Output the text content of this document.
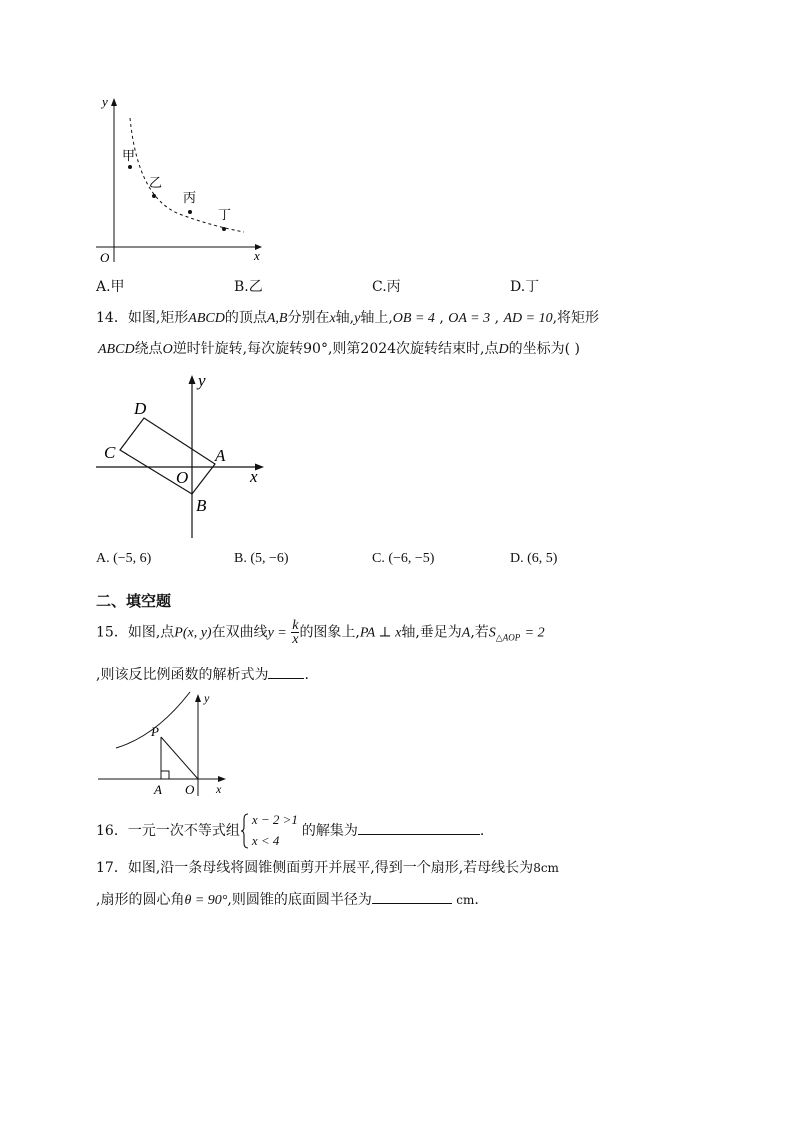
y
x
O
甲
乙
丙
丁
A.甲	B.乙	C.丙	D.丁
14．如图,矩形ABCD的顶点A,B分别在x轴,y轴上,OB = 4 , OA = 3 , AD = 10,将矩形
ABCD绕点O逆时针旋转,每次旋转90°,则第2024次旋转结束时,点D的坐标为( )
y
x
O
A
B
C
D
A. (−5, 6)	B. (5, −6)	C. (−6, −5)	D. (6, 5)
二、填空题
15．如图,点P(x, y)在双曲线$y = \frac{k}{x}$ 的图象上,PA ⊥ x轴,垂足为A,若$S_{\triangle AOP} = 2$
,则该反比例函数的解析式为	.
y
x
O
A
P
16．一元一次不等式组
x − 2 >1
x < 4
的解集为	.
17．如图,沿一条母线将圆锥侧面剪开并展平,得到一个扇形,若母线长为8cm
,扇形的圆心角θ = 90°,则圆锥的底面圆半径为	cm.
